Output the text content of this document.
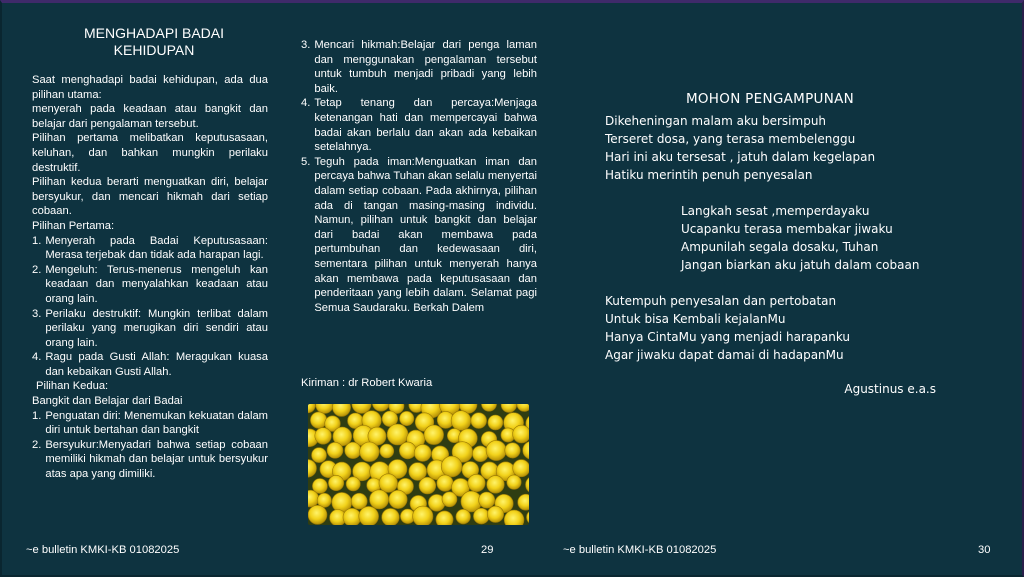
MENGHADAPI BADAI
KEHIDUPAN

Saat menghadapi badai kehidupan, ada dua pilihan utama:

menyerah pada keadaan atau bangkit dan belajar dari pengalaman tersebut.

Pilihan pertama melibatkan keputusasaan, keluhan, dan bahkan mungkin perilaku destruktif.

Pilihan kedua berarti menguatkan diri, belajar bersyukur, dan mencari hikmah dari setiap cobaan.

Pilihan Pertama:

1. Menyerah pada Badai Keputusasaan: Merasa terjebak dan tidak ada harapan lagi.
2. Mengeluh: Terus-menerus mengeluh kan keadaan dan menyalahkan keadaan atau orang lain.
3. Perilaku destruktif: Mungkin terlibat dalam perilaku yang merugikan diri sendiri atau orang lain.
4. Ragu pada Gusti Allah: Meragukan kuasa dan kebaikan Gusti Allah.

Pilihan Kedua:

Bangkit dan Belajar dari Badai

1. Penguatan diri: Menemukan kekuatan dalam diri untuk bertahan dan bangkit
2. Bersyukur:Menyadari bahwa setiap cobaan memiliki hikmah dan belajar untuk bersyukur atas apa yang dimiliki.
3. Mencari hikmah:Belajar dari penga laman dan menggunakan pengalaman tersebut untuk tumbuh menjadi pribadi yang lebih baik.
4. Tetap tenang dan percaya:Menjaga ketenangan hati dan mempercayai bahwa badai akan berlalu dan akan ada kebaikan setelahnya.
5. Teguh pada iman:Menguatkan iman dan percaya bahwa Tuhan akan selalu menyertai dalam setiap cobaan. Pada akhirnya, pilihan ada di tangan masing-masing individu. Namun, pilihan untuk bangkit dan belajar dari badai akan membawa pada pertumbuhan dan kedewasaan diri, sementara pilihan untuk menyerah hanya akan membawa pada keputusasaan dan penderitaan yang lebih dalam. Selamat pagi Semua Saudaraku. Berkah Dalem
Kiriman : dr Robert Kwaria
MOHON PENGAMPUNAN
Dikeheningan malam aku bersimpuh
Terseret dosa, yang terasa membelenggu
Hari ini aku tersesat , jatuh dalam kegelapan
Hatiku merintih penuh penyesalan
Langkah sesat ,memperdayaku
Ucapanku terasa membakar jiwaku
Ampunilah segala dosaku, Tuhan
Jangan biarkan aku jatuh dalam cobaan
Kutempuh penyesalan dan pertobatan
Untuk bisa Kembali kejalanMu
Hanya CintaMu yang menjadi harapanku
Agar jiwaku dapat damai di hadapanMu
Agustinus e.a.s
~e bulletin KMKI-KB 01082025	29	~e bulletin KMKI-KB 01082025	30
